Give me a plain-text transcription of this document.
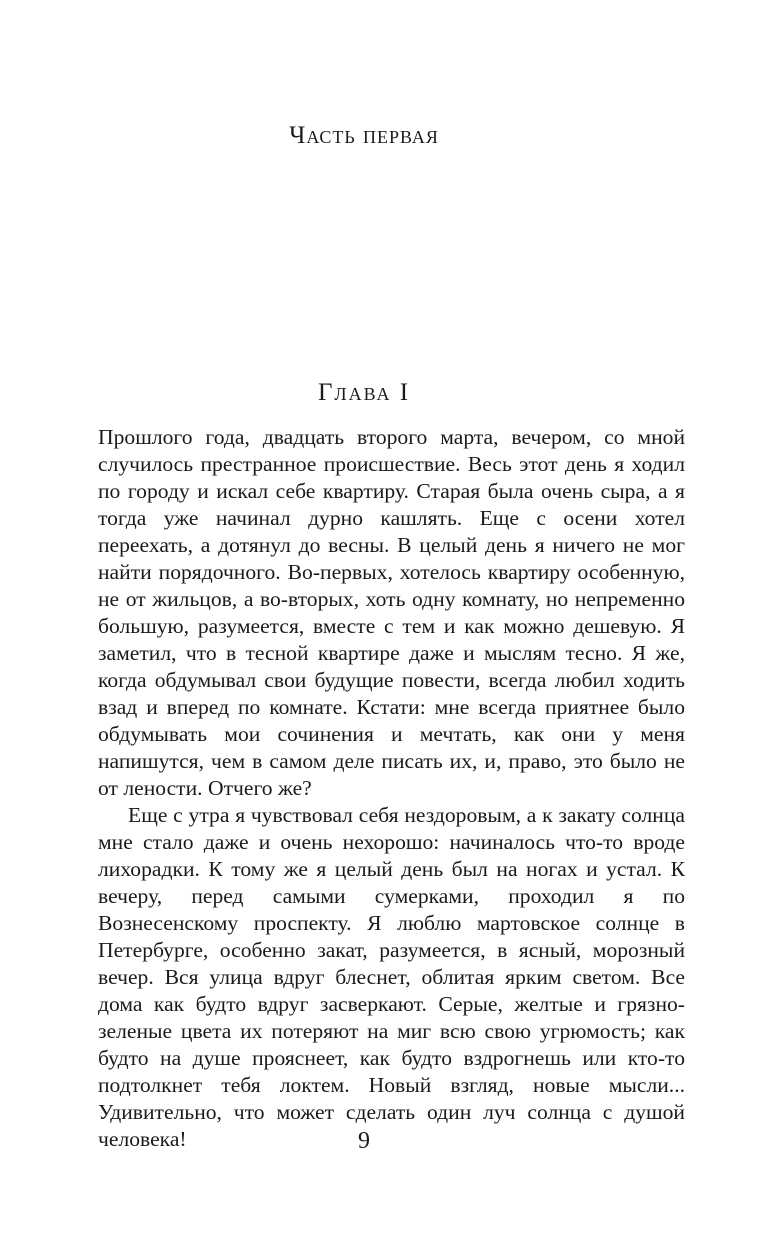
Часть первая
Глава I

Прошлого года, двадцать второго марта, вечером, со мной случилось престранное происшествие. Весь этот день я ходил по городу и искал себе квартиру. Старая была очень сыра, а я тогда уже начинал дурно кашлять. Еще с осени хотел переехать, а дотянул до весны. В целый день я ничего не мог найти порядочного. Во-первых, хотелось квартиру особенную, не от жильцов, а во-вторых, хоть одну комнату, но непременно большую, разумеется, вместе с тем и как можно дешевую. Я заметил, что в тесной квартире даже и мыслям тесно. Я же, когда обдумывал свои будущие повести, всегда любил ходить взад и вперед по комнате. Кстати: мне всегда приятнее было обдумывать мои сочинения и мечтать, как они у меня напишутся, чем в самом деле писать их, и, право, это было не от лености. Отчего же?

Еще с утра я чувствовал себя нездоровым, а к закату солнца мне стало даже и очень нехорошо: начиналось что-то вроде лихорадки. К тому же я целый день был на ногах и устал. К вечеру, перед самыми сумерками, проходил я по Вознесенскому проспекту. Я люблю мартовское солнце в Петербурге, особенно закат, разумеется, в ясный, морозный вечер. Вся улица вдруг блеснет, облитая ярким светом. Все дома как будто вдруг засверкают. Серые, желтые и грязно-зеленые цвета их потеряют на миг всю свою угрюмость; как будто на душе прояснеет, как будто вздрогнешь или кто-то подтолкнет тебя локтем. Новый взгляд, новые мысли... Удивительно, что может сделать один луч солнца с душой человека!	9
